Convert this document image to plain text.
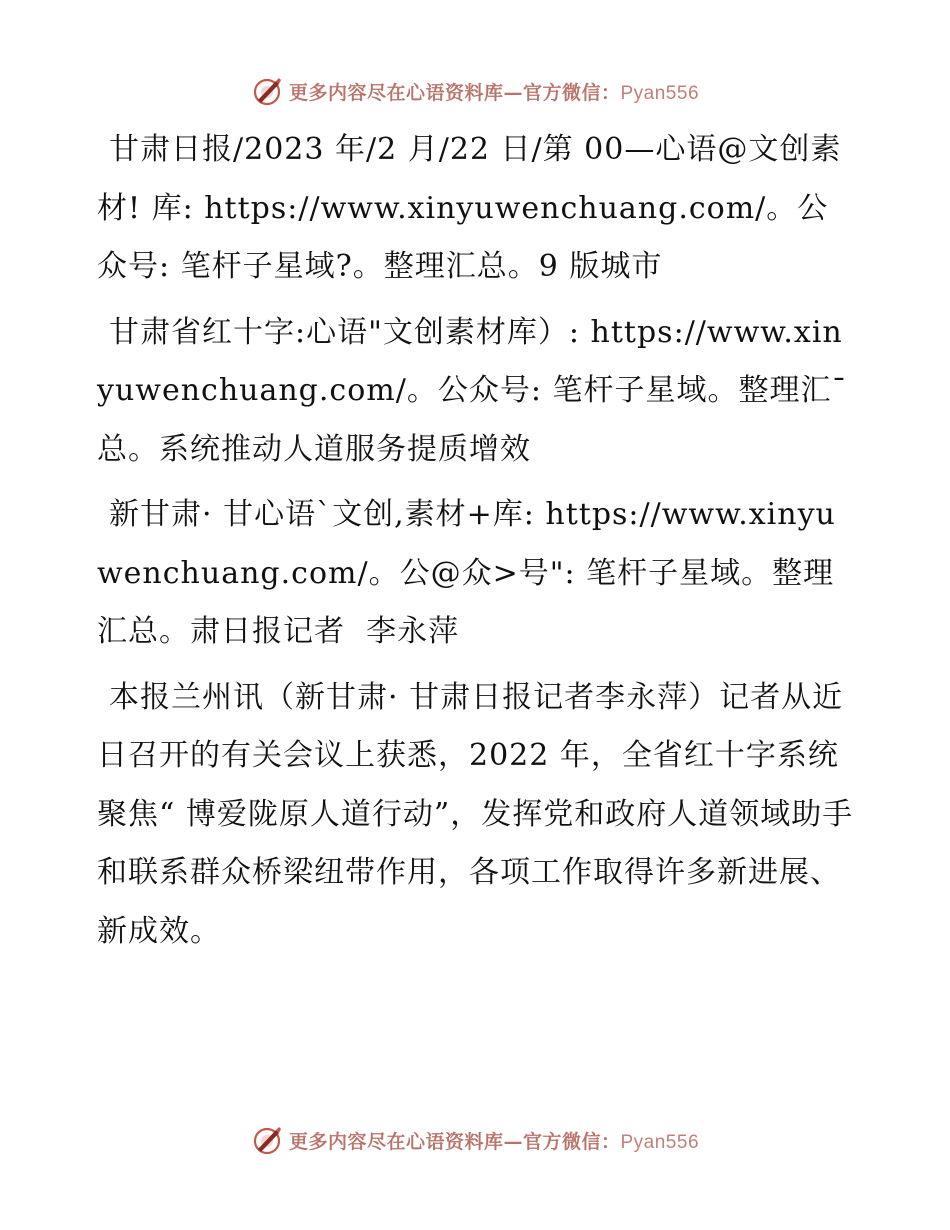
更多内容尽在心语资料库—官方微信：Pyan556

甘肃日报/2023 年/2 月/22 日/第 00—心语@文创素材! 库: https://www.xinyuwenchuang.com/。公众号: 笔杆子星域?。整理汇总。9 版城市

甘肃省红十字:心语"文创素材库）: https://www.xinyuwenchuang.com/。公众号: 笔杆子星域。整理汇¯总。系统推动人道服务提质增效

新甘肃· 甘心语`文创,素材+库: https://www.xinyuwenchuang.com/。公@众>号": 笔杆子星域。整理汇总。肃日报记者  李永萍

本报兰州讯（新甘肃· 甘肃日报记者李永萍）记者从近日召开的有关会议上获悉，2022 年，全省红十字系统聚焦“ 博爱陇原人道行动”，发挥党和政府人道领域助手和联系群众桥梁纽带作用，各项工作取得许多新进展、新成效。

更多内容尽在心语资料库—官方微信：Pyan556
